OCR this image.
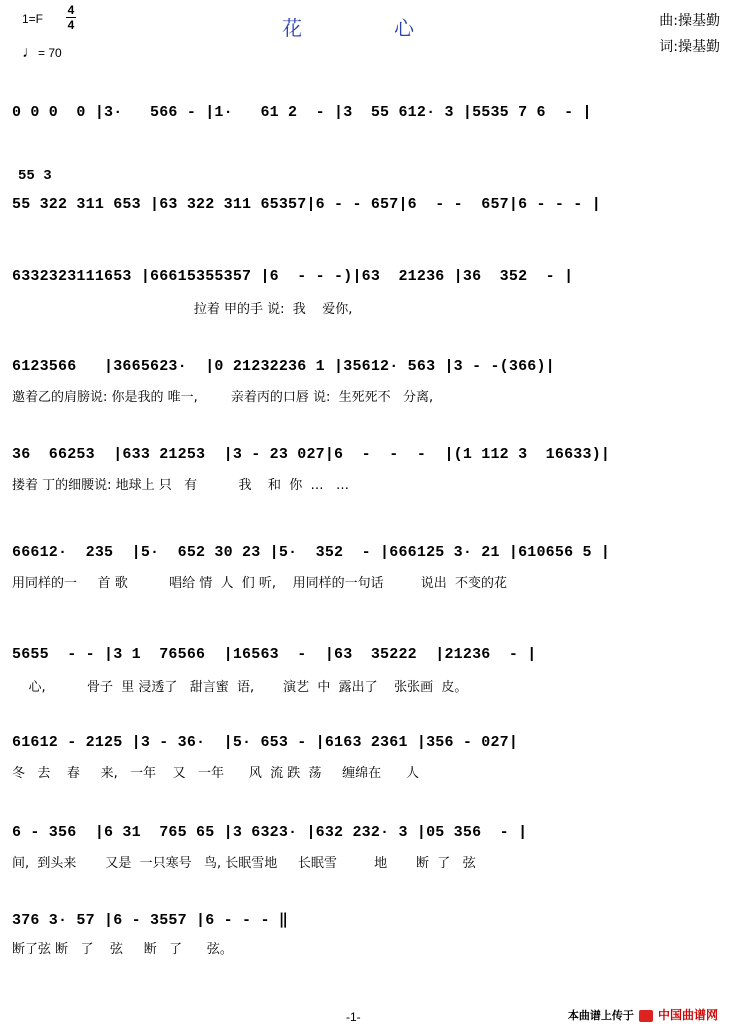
1=F
4
4
♩= 70
花	心	曲:操基勤
词:操基勤
0 0 0  0 |3·   566 - |1·   61 2  - |3  55 612· 3 |5535 7 6  - |
55 3
55 322 311 653 |63 322 311 65357|6 - - 657|6  - -  657|6 - - - |
6332323111653 |66615355357 |6  - - -)|63  21236 |36  352  - |
拉着 甲的手 说:  我    爱你,
6123566   |3665623·  |0 21232236 1 |35612· 563 |3 - -(366)|
邀着乙的肩膀说: 你是我的 唯一,        亲着丙的口唇 说:  生死死不   分离,
36  66253  |633 21253  |3 - 23 027|6  -  -  -  |(1 112 3  16633)|
搂着 丁的细腰说: 地球上 只   有          我    和  你  …   …
66612·  235  |5·  652 30 23 |5·  352  - |666125 3· 21 |610656 5 |
用同样的一     首 歌          唱给 情  人  们 听,    用同样的一句话         说出  不变的花
5655  - - |3 1  76566  |16563  -  |63  35222  |21236  - |
心,          骨子  里 浸透了   甜言蜜  语,       演艺  中  露出了    张张画  皮。
61612 - 2125 |3 - 36·  |5· 653 - |6163 2361 |356 - 027|
冬   去    春     来,   一年    又   一年      风  流 跌  荡     缠绵在      人
6 - 356  |6 31  765 65 |3 6323· |632 232· 3 |05 356  - |
间,  到头来       又是  一只寒号   鸟, 长眠雪地     长眠雪         地       断  了   弦
376 3· 57 |6 - 3557 |6 - - - ‖
断了弦 断   了    弦     断   了      弦。
-1-	本曲谱上传于 中国曲谱网
